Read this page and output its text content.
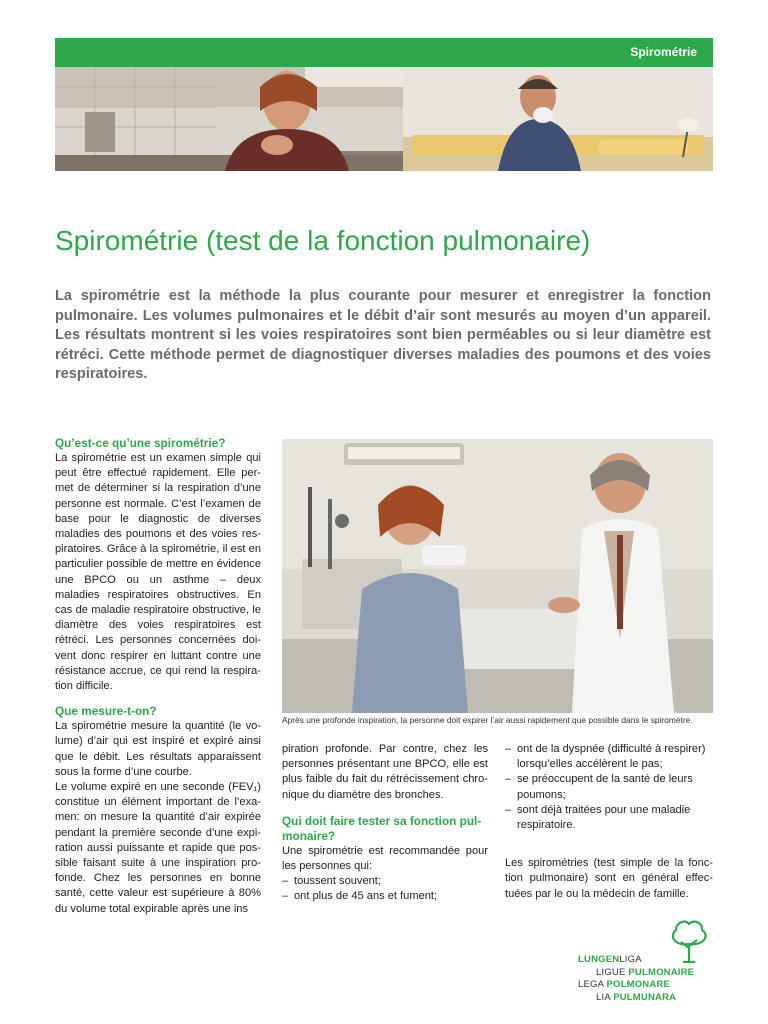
Spirométrie
Spirométrie (test de la fonction pulmonaire)

La spirométrie est la méthode la plus courante pour mesurer et enregistrer la fonction pulmonaire. Les volumes pulmonaires et le débit d’air sont mesurés au moyen d’un appareil. Les résultats montrent si les voies respiratoires sont bien perméables ou si leur diamètre est rétréci. Cette méthode permet de diagnostiquer diverses maladies des poumons et des voies respiratoires.

Qu’est-ce qu’une spirométrie?

La spirométrie est un examen simple qui peut être effectué rapidement. Elle permet de déterminer si la respiration d’une personne est normale. C’est l’examen de base pour le diagnostic de diverses maladies des poumons et des voies respiratoires. Grâce à la spirométrie, il est en particulier possible de mettre en évidence une BPCO ou un asthme – deux maladies respiratoires obstructives. En cas de maladie respiratoire obstructive, le diamètre des voies respiratoires est rétréci. Les personnes concernées doivent donc respirer en luttant contre une résistance accrue, ce qui rend la respiration difficile.

Que mesure-t-on?

La spirométrie mesure la quantité (le volume) d’air qui est inspiré et expiré ainsi que le débit. Les résultats apparaissent sous la forme d’une courbe.

Le volume expiré en une seconde (FEV₁) constitue un élément important de l’examen: on mesure la quantité d’air expirée pendant la première seconde d’une expiration aussi puissante et rapide que possible faisant suite à une inspiration profonde. Chez les personnes en bonne santé, cette valeur est supérieure à 80% du volume total expirable après une ins

Après une profonde inspiration, la personne doit expirer l’air aussi rapidement que possible dans le spiromètre.

piration profonde. Par contre, chez les personnes présentant une BPCO, elle est plus faible du fait du rétrécissement chronique du diamètre des bronches.

Qui doit faire tester sa fonction pulmonaire?

Une spirométrie est recommandée pour les personnes qui:

– toussent souvent;
– ont plus de 45 ans et fument;
– ont de la dyspnée (difficulté à respirer) lorsqu’elles accélèrent le pas;
– se préoccupent de la santé de leurs poumons;
– sont déjà traitées pour une maladie respiratoire.

Les spirométries (test simple de la fonction pulmonaire) sont en général effectuées par le ou la médecin de famille.

LUNGENLIGA
LIGUE PULMONAIRE
LEGA POLMONARE
LIA PULMUNARA
